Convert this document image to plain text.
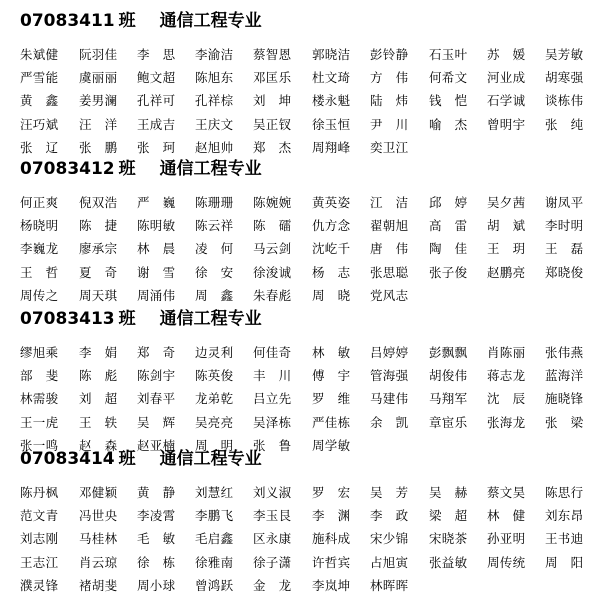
07083411 班 通信工程专业
朱斌健	阮羽佳	李　思	李渝洁	蔡智恩	郭晓洁	彭铃静	石玉叶	苏　媛	吴芳敏
严雪能	虞丽丽	鲍文超	陈旭东	邓匡乐	杜文琦	方　伟	何希文	河业成	胡寒强
黄　鑫	姜男澜	孔祥可	孔祥棕	刘　坤	楼永魁	陆　炜	钱　恺	石学诚	谈栋伟
汪巧斌	汪　洋	王成吉	王庆文	吴正钗	徐玉恒	尹　川	喻　杰	曾明宇	张　纯
张　辽	张　鹏	张　珂	赵旭帅	郑　杰	周翔峰	奕卫江
07083412 班 通信工程专业
何正爽	倪双浩	严　巍	陈珊珊	陈婉婉	黄英姿	江　洁	邱　婷	吴夕茜	谢凤平
杨晓明	陈　捷	陈明敏	陈云祥	陈　礌	仇方念	翟朝旭	高　雷	胡　斌	李时明
李巍龙	廖承宗	林　晨	凌　何	马云剑	沈屹千	唐　伟	陶　佳	王　玥	王　磊
王　哲	夏　奇	谢　雪	徐　安	徐浚诚	杨　志	张思聪	张子俊	赵鹏亮	郑晓俊
周传之	周天琪	周涌伟	周　鑫	朱春彪	周　晓	党风志
07083413 班 通信工程专业
缪旭乘	李　娟	郑　奇	边灵利	何佳奇	林　敏	吕婷婷	彭飘飘	肖陈丽	张伟燕
部　斐	陈　彪	陈剑宇	陈英俊	丰　川	傅　宇	管海强	胡俊伟	蒋志龙	蓝海洋
林需骏	刘　超	刘春平	龙弟乾	吕立先	罗　维	马建伟	马翔军	沈　辰	施晓锋
王一虎	王　轶	吴　辉	吴亮亮	吴泽栋	严佳栋	余　凯	章宦乐	张海龙	张　梁
张一鸣	赵　森	赵亚楠	周　明	张　鲁	周学敏
07083414 班 通信工程专业
陈丹枫	邓健颖	黄　静	刘慧红	刘义淑	罗　宏	吴　芳	吴　赫	蔡文昊	陈思行
范文青	冯世央	李凌霄	李鹏飞	李玉艮	李　渊	李　政	梁　超	林　健	刘东昂
刘志刚	马桂林	毛　敏	毛启鑫	区永康	施科成	宋少锦	宋晓茶	孙亚明	王书迪
王志江	肖云琼	徐　栋	徐雅南	徐子潇	许哲宾	占旭寅	张益敏	周传统	周　阳
濮灵锋	褚胡斐	周小球	曾鸿跃	金　龙	李岚坤	林晖晖
